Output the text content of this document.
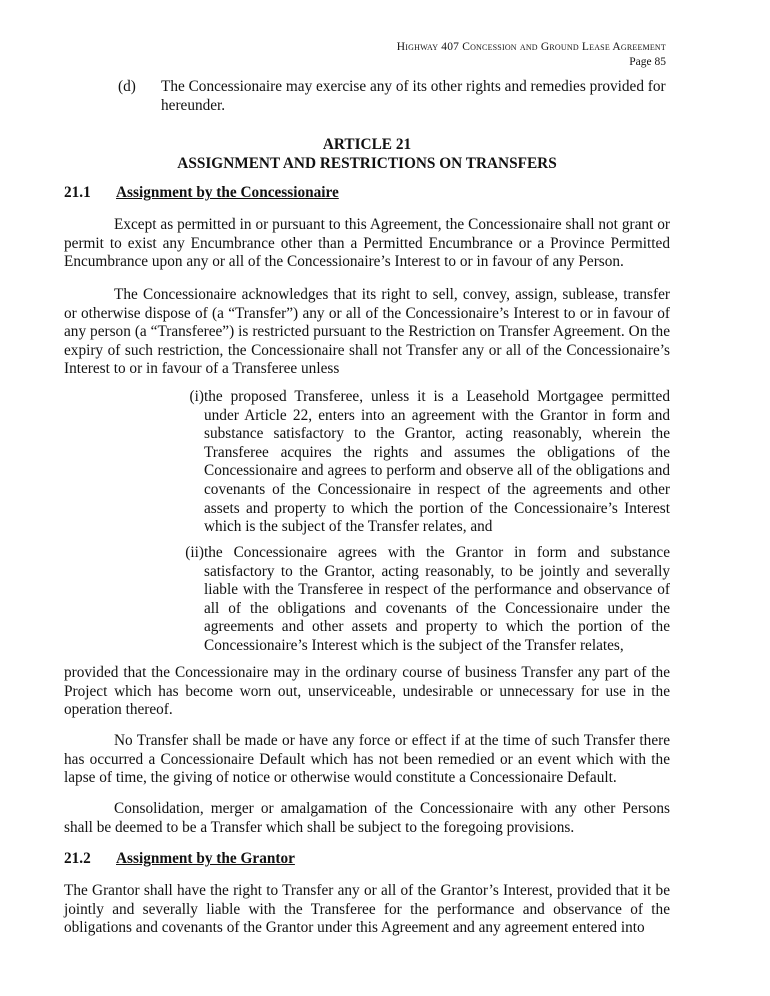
Highway 407 Concession and Ground Lease Agreement
Page 85
(d) The Concessionaire may exercise any of its other rights and remedies provided for hereunder.
ARTICLE 21
ASSIGNMENT AND RESTRICTIONS ON TRANSFERS
21.1 Assignment by the Concessionaire

Except as permitted in or pursuant to this Agreement, the Concessionaire shall not grant or permit to exist any Encumbrance other than a Permitted Encumbrance or a Province Permitted Encumbrance upon any or all of the Concessionaire’s Interest to or in favour of any Person.

The Concessionaire acknowledges that its right to sell, convey, assign, sublease, transfer or otherwise dispose of (a “Transfer”) any or all of the Concessionaire’s Interest to or in favour of any person (a “Transferee”) is restricted pursuant to the Restriction on Transfer Agreement. On the expiry of such restriction, the Concessionaire shall not Transfer any or all of the Concessionaire’s Interest to or in favour of a Transferee unless

(i) the proposed Transferee, unless it is a Leasehold Mortgagee permitted under Article 22, enters into an agreement with the Grantor in form and substance satisfactory to the Grantor, acting reasonably, wherein the Transferee acquires the rights and assumes the obligations of the Concessionaire and agrees to perform and observe all of the obligations and covenants of the Concessionaire in respect of the agreements and other assets and property to which the portion of the Concessionaire’s Interest which is the subject of the Transfer relates, and
(ii) the Concessionaire agrees with the Grantor in form and substance satisfactory to the Grantor, acting reasonably, to be jointly and severally liable with the Transferee in respect of the performance and observance of all of the obligations and covenants of the Concessionaire under the agreements and other assets and property to which the portion of the Concessionaire’s Interest which is the subject of the Transfer relates,

provided that the Concessionaire may in the ordinary course of business Transfer any part of the Project which has become worn out, unserviceable, undesirable or unnecessary for use in the operation thereof.

No Transfer shall be made or have any force or effect if at the time of such Transfer there has occurred a Concessionaire Default which has not been remedied or an event which with the lapse of time, the giving of notice or otherwise would constitute a Concessionaire Default.

Consolidation, merger or amalgamation of the Concessionaire with any other Persons shall be deemed to be a Transfer which shall be subject to the foregoing provisions.

21.2 Assignment by the Grantor

The Grantor shall have the right to Transfer any or all of the Grantor’s Interest, provided that it be jointly and severally liable with the Transferee for the performance and observance of the obligations and covenants of the Grantor under this Agreement and any agreement entered into
